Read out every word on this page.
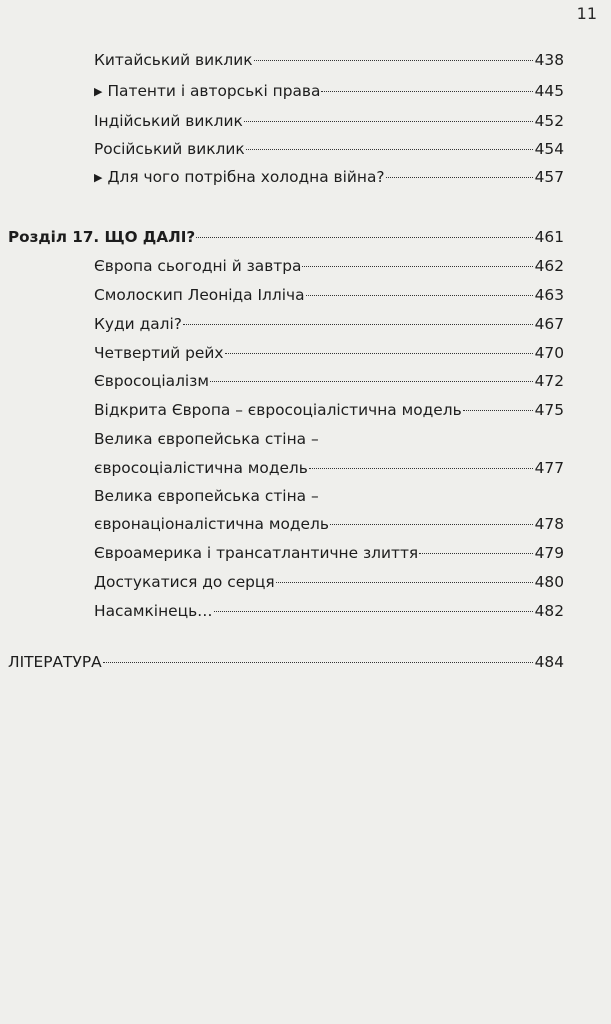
11
Китайський виклик	438
▶ Патенти і авторські права	445
Індійський виклик	452
Російський виклик	454
▶ Для чого потрібна холодна війна?	457
Розділ 17. ЩО ДАЛІ?	461
Європа сьогодні й завтра	462
Смолоскип Леоніда Ілліча	463
Куди далі?	467
Четвертий рейх	470
Євросоціалізм	472
Відкрита Європа – євросоціалістична модель	475
Велика європейська стіна –
євросоціалістична модель	477
Велика європейська стіна –
євронаціоналістична модель	478
Євроамерика і трансатлантичне злиття	479
Достукатися до серця	480
Насамкінець…	482
ЛІТЕРАТУРА	484
